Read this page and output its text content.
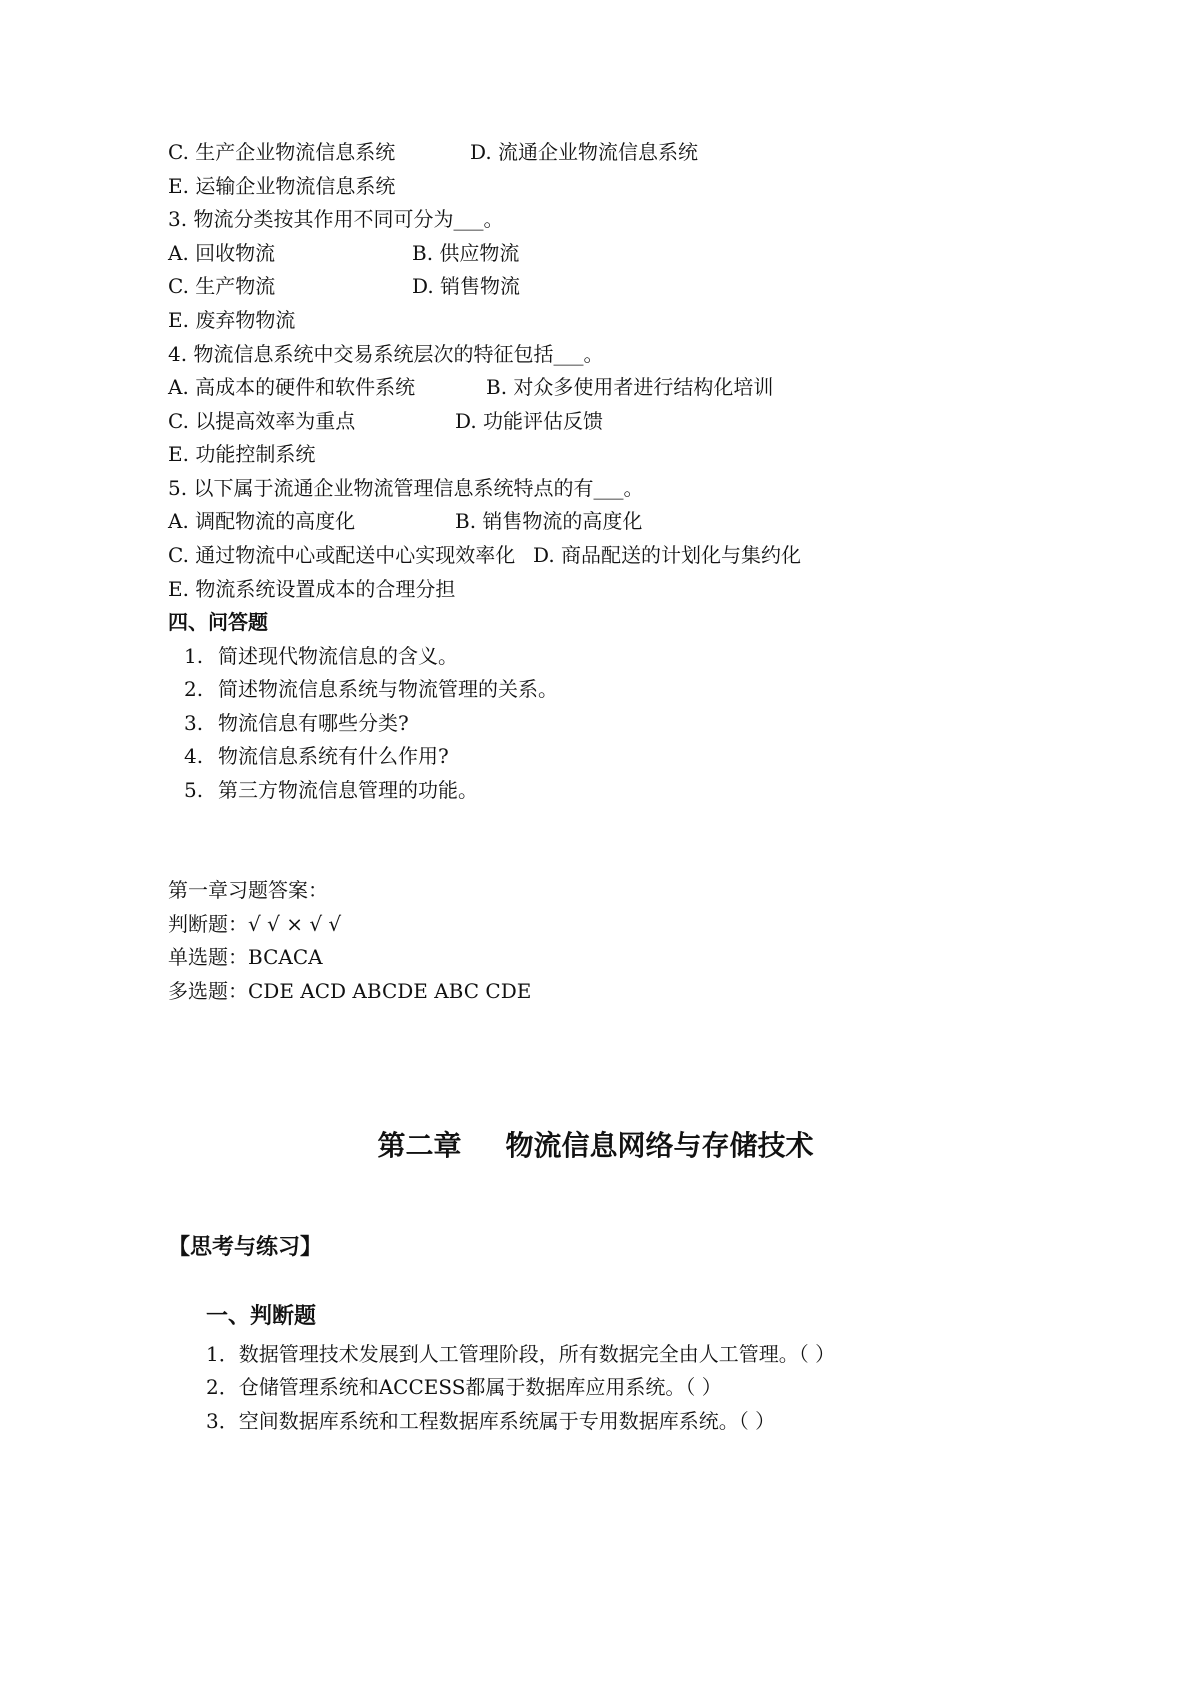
C. 生产企业物流信息系统	D. 流通企业物流信息系统
E. 运输企业物流信息系统
3. 物流分类按其作用不同可分为___。
A. 回收物流	B. 供应物流
C. 生产物流	D. 销售物流
E. 废弃物物流
4. 物流信息系统中交易系统层次的特征包括___。
A. 高成本的硬件和软件系统	B. 对众多使用者进行结构化培训
C. 以提高效率为重点	D. 功能评估反馈
E. 功能控制系统
5. 以下属于流通企业物流管理信息系统特点的有___。
A. 调配物流的高度化	B. 销售物流的高度化
C. 通过物流中心或配送中心实现效率化 D. 商品配送的计划化与集约化
E. 物流系统设置成本的合理分担
四、问答题
1. 简述现代物流信息的含义。
2. 简述物流信息系统与物流管理的关系。
3. 物流信息有哪些分类?
4. 物流信息系统有什么作用?
5. 第三方物流信息管理的功能。
第一章习题答案：
判断题：√ √ × √ √
单选题：BCACA
多选题：CDE ACD ABCDE ABC CDE
第二章 物流信息网络与存储技术
【思考与练习】
一、判断题
1．数据管理技术发展到人工管理阶段，所有数据完全由人工管理。（ ）
2．仓储管理系统和ACCESS都属于数据库应用系统。（ ）
3．空间数据库系统和工程数据库系统属于专用数据库系统。（ ）
